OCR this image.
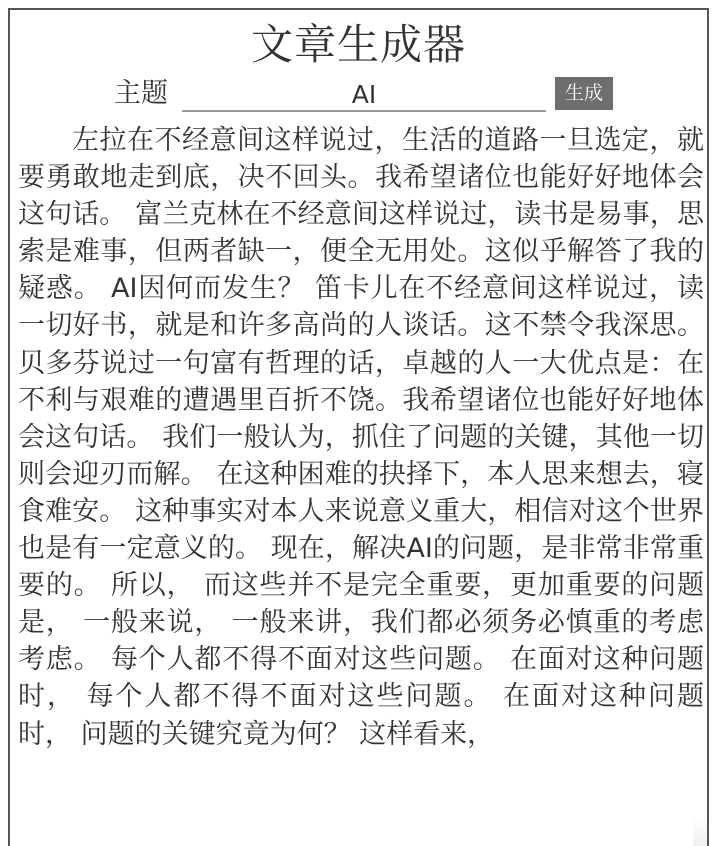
文章生成器
主题
AI	生成

左拉在不经意间这样说过，生活的道路一旦选定，就要勇敢地走到底，决不回头。我希望诸位也能好好地体会这句话。 富兰克林在不经意间这样说过，读书是易事，思索是难事，但两者缺一，便全无用处。这似乎解答了我的疑惑。 AI因何而发生？ 笛卡儿在不经意间这样说过，读一切好书，就是和许多高尚的人谈话。这不禁令我深思。 贝多芬说过一句富有哲理的话，卓越的人一大优点是：在不利与艰难的遭遇里百折不饶。我希望诸位也能好好地体会这句话。 我们一般认为，抓住了问题的关键，其他一切则会迎刃而解。 在这种困难的抉择下，本人思来想去，寝食难安。 这种事实对本人来说意义重大，相信对这个世界也是有一定意义的。 现在，解决AI的问题，是非常非常重要的。 所以， 而这些并不是完全重要，更加重要的问题是， 一般来说， 一般来讲，我们都必须务必慎重的考虑考虑。 每个人都不得不面对这些问题。 在面对这种问题时， 每个人都不得不面对这些问题。 在面对这种问题时， 问题的关键究竟为何？ 这样看来，
